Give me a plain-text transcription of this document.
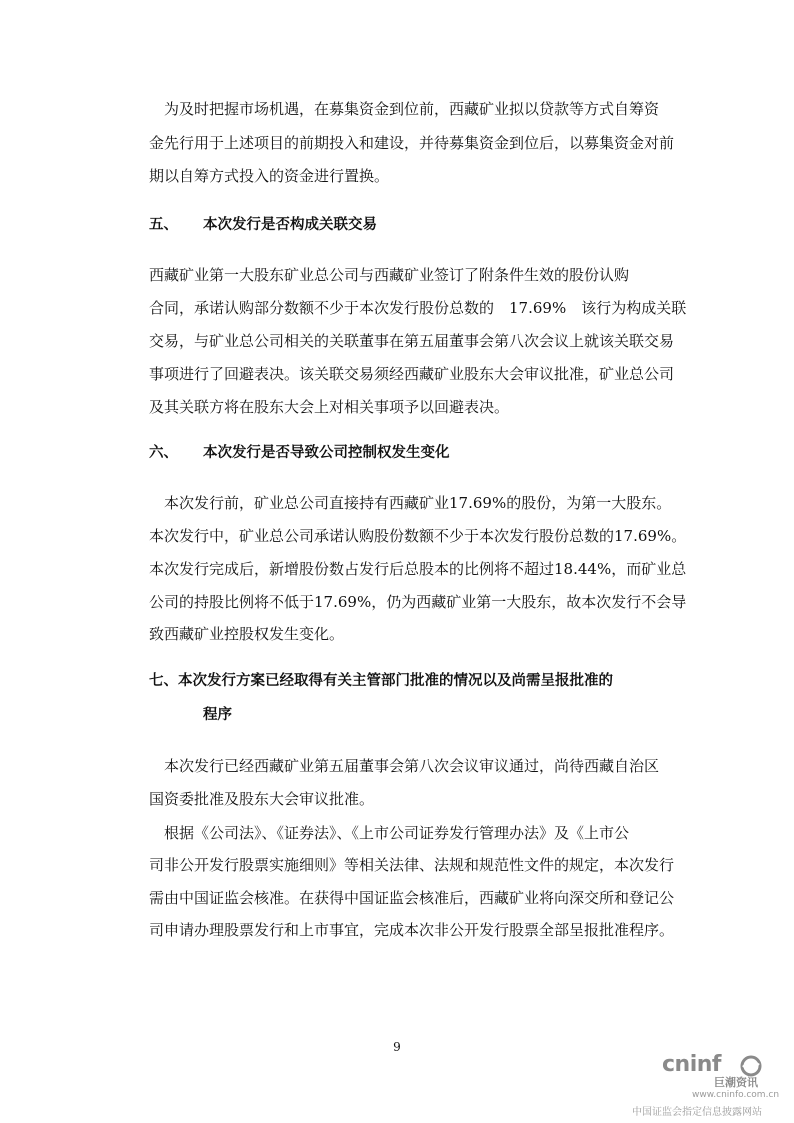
　为及时把握市场机遇，在募集资金到位前，西藏矿业拟以贷款等方式自筹资
金先行用于上述项目的前期投入和建设，并待募集资金到位后，以募集资金对前
期以自筹方式投入的资金进行置换。
五、 本次发行是否构成关联交易
西藏矿业第一大股东矿业总公司与西藏矿业签订了附条件生效的股份认购
合同，承诺认购部分数额不少于本次发行股份总数的　17.69%　该行为构成关联
交易，与矿业总公司相关的关联董事在第五届董事会第八次会议上就该关联交易
事项进行了回避表决。该关联交易须经西藏矿业股东大会审议批准，矿业总公司
及其关联方将在股东大会上对相关事项予以回避表决。
六、 本次发行是否导致公司控制权发生变化
　本次发行前，矿业总公司直接持有西藏矿业17.69%的股份，为第一大股东。
本次发行中，矿业总公司承诺认购股份数额不少于本次发行股份总数的17.69%。
本次发行完成后，新增股份数占发行后总股本的比例将不超过18.44%，而矿业总
公司的持股比例将不低于17.69%，仍为西藏矿业第一大股东，故本次发行不会导
致西藏矿业控股权发生变化。
七、本次发行方案已经取得有关主管部门批准的情况以及尚需呈报批准的
程序
　本次发行已经西藏矿业第五届董事会第八次会议审议通过，尚待西藏自治区
国资委批准及股东大会审议批准。
　根据《公司法》、《证券法》、《上市公司证券发行管理办法》及《上市公
司非公开发行股票实施细则》等相关法律、法规和规范性文件的规定，本次发行
需由中国证监会核准。在获得中国证监会核准后，西藏矿业将向深交所和登记公
司申请办理股票发行和上市事宜，完成本次非公开发行股票全部呈报批准程序。
9
cninf
巨潮资讯
www.cninfo.com.cn
中国证监会指定信息披露网站
